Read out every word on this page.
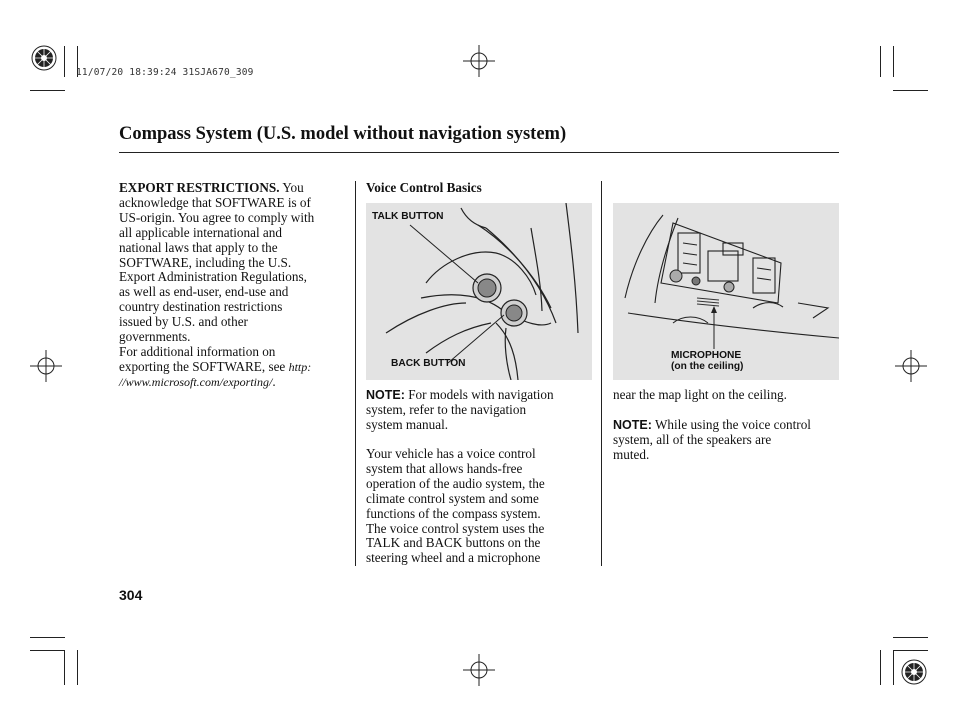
11/07/20 18:39:24 31SJA670_309
Compass System (U.S. model without navigation system)

EXPORT RESTRICTIONS. You

acknowledge that SOFTWARE is of

US-origin. You agree to comply with

all applicable international and

national laws that apply to the

SOFTWARE, including the U.S.

Export Administration Regulations,

as well as end-user, end-use and

country destination restrictions

issued by U.S. and other

governments.

For additional information on

exporting the SOFTWARE, see http:

//www.microsoft.com/exporting/.

Voice Control Basics
TALK BUTTON
BACK BUTTON

NOTE: For models with navigation

system, refer to the navigation

system manual.

Your vehicle has a voice control

system that allows hands-free

operation of the audio system, the

climate control system and some

functions of the compass system.

The voice control system uses the

TALK and BACK buttons on the

steering wheel and a microphone

MICROPHONE
(on the ceiling)
near the map light on the ceiling.

NOTE: While using the voice control

system, all of the speakers are

muted.

304
